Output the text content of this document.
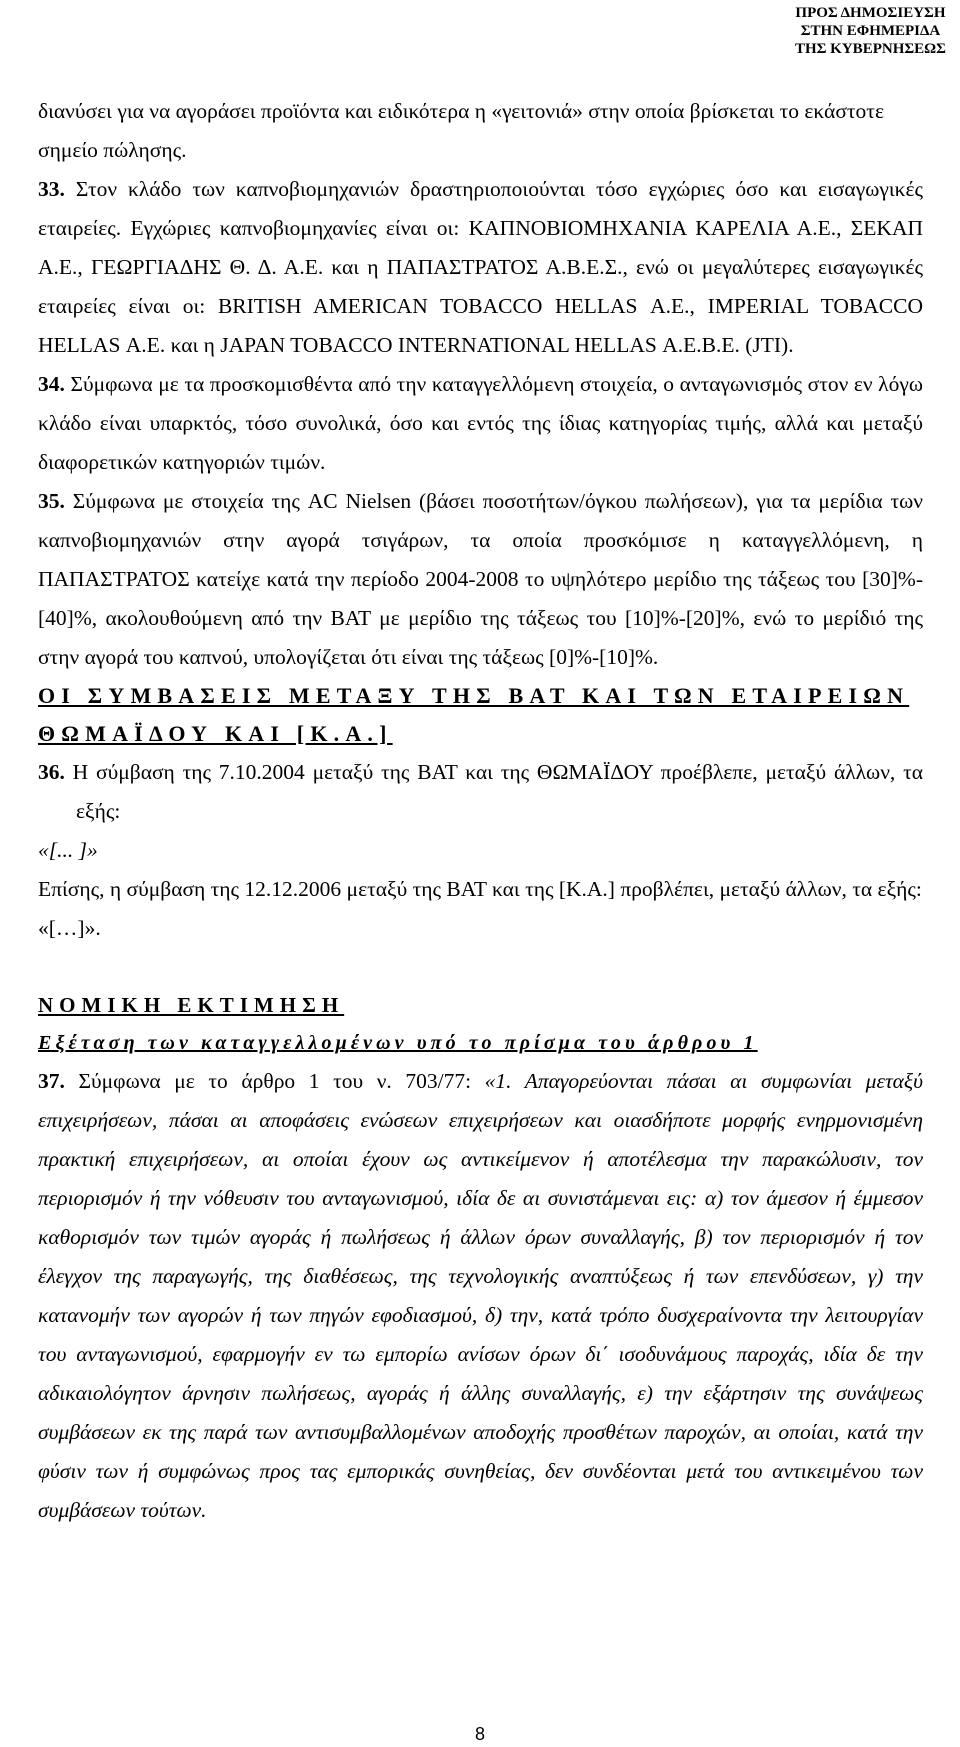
ΠΡΟΣ ΔΗΜΟΣΙΕΥΣΗ
ΣΤΗΝ ΕΦΗΜΕΡΙΔΑ
ΤΗΣ ΚΥΒΕΡΝΗΣΕΩΣ

διανύσει για να αγοράσει προϊόντα και ειδικότερα η «γειτονιά» στην οποία βρίσκεται το εκάστοτε σημείο πώλησης.

33. Στον κλάδο των καπνοβιομηχανιών δραστηριοποιούνται τόσο εγχώριες όσο και εισαγωγικές εταιρείες. Εγχώριες καπνοβιομηχανίες είναι οι: ΚΑΠΝΟΒΙΟΜΗΧΑΝΙΑ ΚΑΡΕΛΙΑ Α.Ε., ΣΕΚΑΠ Α.Ε., ΓΕΩΡΓΙΑΔΗΣ Θ. Δ. Α.Ε. και η ΠΑΠΑΣΤΡΑΤΟΣ Α.Β.Ε.Σ., ενώ οι μεγαλύτερες εισαγωγικές εταιρείες είναι οι: BRITISH AMERICAN TOBACCO HELLAS Α.Ε., IMPERIAL TOBACCO HELLAS Α.Ε. και η JAPAN TOBACCO INTERNATIONAL HELLAS Α.Ε.Β.Ε. (JTI).

34. Σύμφωνα με τα προσκομισθέντα από την καταγγελλόμενη στοιχεία, ο ανταγωνισμός στον εν λόγω κλάδο είναι υπαρκτός, τόσο συνολικά, όσο και εντός της ίδιας κατηγορίας τιμής, αλλά και μεταξύ διαφορετικών κατηγοριών τιμών.

35. Σύμφωνα με στοιχεία της AC Nielsen (βάσει ποσοτήτων/όγκου πωλήσεων), για τα μερίδια των καπνοβιομηχανιών στην αγορά τσιγάρων, τα οποία προσκόμισε η καταγγελλόμενη, η ΠΑΠΑΣΤΡΑΤΟΣ κατείχε κατά την περίοδο 2004-2008 το υψηλότερο μερίδιο της τάξεως του [30]%-[40]%, ακολουθούμενη από την BAT με μερίδιο της τάξεως του [10]%-[20]%, ενώ το μερίδιό της στην αγορά του καπνού, υπολογίζεται ότι είναι της τάξεως [0]%-[10]%.

ΟΙ ΣΥΜΒΑΣΕΙΣ ΜΕΤΑΞΥ ΤΗΣ BAT ΚΑΙ ΤΩΝ ΕΤΑΙΡΕΙΩΝ
ΘΩΜΑΪΔΟΥ ΚΑΙ [Κ.Α.]

36. Η σύμβαση της 7.10.2004 μεταξύ της BAT και της ΘΩΜΑΪΔΟΥ προέβλεπε, μεταξύ άλλων, τα εξής:

«[... ]»

Επίσης, η σύμβαση της 12.12.2006 μεταξύ της BAT και της [Κ.Α.] προβλέπει, μεταξύ άλλων, τα εξής:

«[…]».

ΝΟΜΙΚΗ ΕΚΤΙΜΗΣΗ
Εξέταση των καταγγελλομένων υπό το πρίσμα του άρθρου 1

37. Σύμφωνα με το άρθρο 1 του ν. 703/77: «1. Απαγορεύονται πάσαι αι συμφωνίαι μεταξύ επιχειρήσεων, πάσαι αι αποφάσεις ενώσεων επιχειρήσεων και οιασδήποτε μορφής ενηρμονισμένη πρακτική επιχειρήσεων, αι οποίαι έχουν ως αντικείμενον ή αποτέλεσμα την παρακώλυσιν, τον περιορισμόν ή την νόθευσιν του ανταγωνισμού, ιδία δε αι συνιστάμεναι εις: α) τον άμεσον ή έμμεσον καθορισμόν των τιμών αγοράς ή πωλήσεως ή άλλων όρων συναλλαγής, β) τον περιορισμόν ή τον έλεγχον της παραγωγής, της διαθέσεως, της τεχνολογικής αναπτύξεως ή των επενδύσεων, γ) την κατανομήν των αγορών ή των πηγών εφοδιασμού, δ) την, κατά τρόπο δυσχεραίνοντα την λειτουργίαν του ανταγωνισμού, εφαρμογήν εν τω εμπορίω ανίσων όρων δι΄ ισοδυνάμους παροχάς, ιδία δε την αδικαιολόγητον άρνησιν πωλήσεως, αγοράς ή άλλης συναλλαγής, ε) την εξάρτησιν της συνάψεως συμβάσεων εκ της παρά των αντισυμβαλλομένων αποδοχής προσθέτων παροχών, αι οποίαι, κατά την φύσιν των ή συμφώνως προς τας εμπορικάς συνηθείας, δεν συνδέονται μετά του αντικειμένου των συμβάσεων τούτων.

8
